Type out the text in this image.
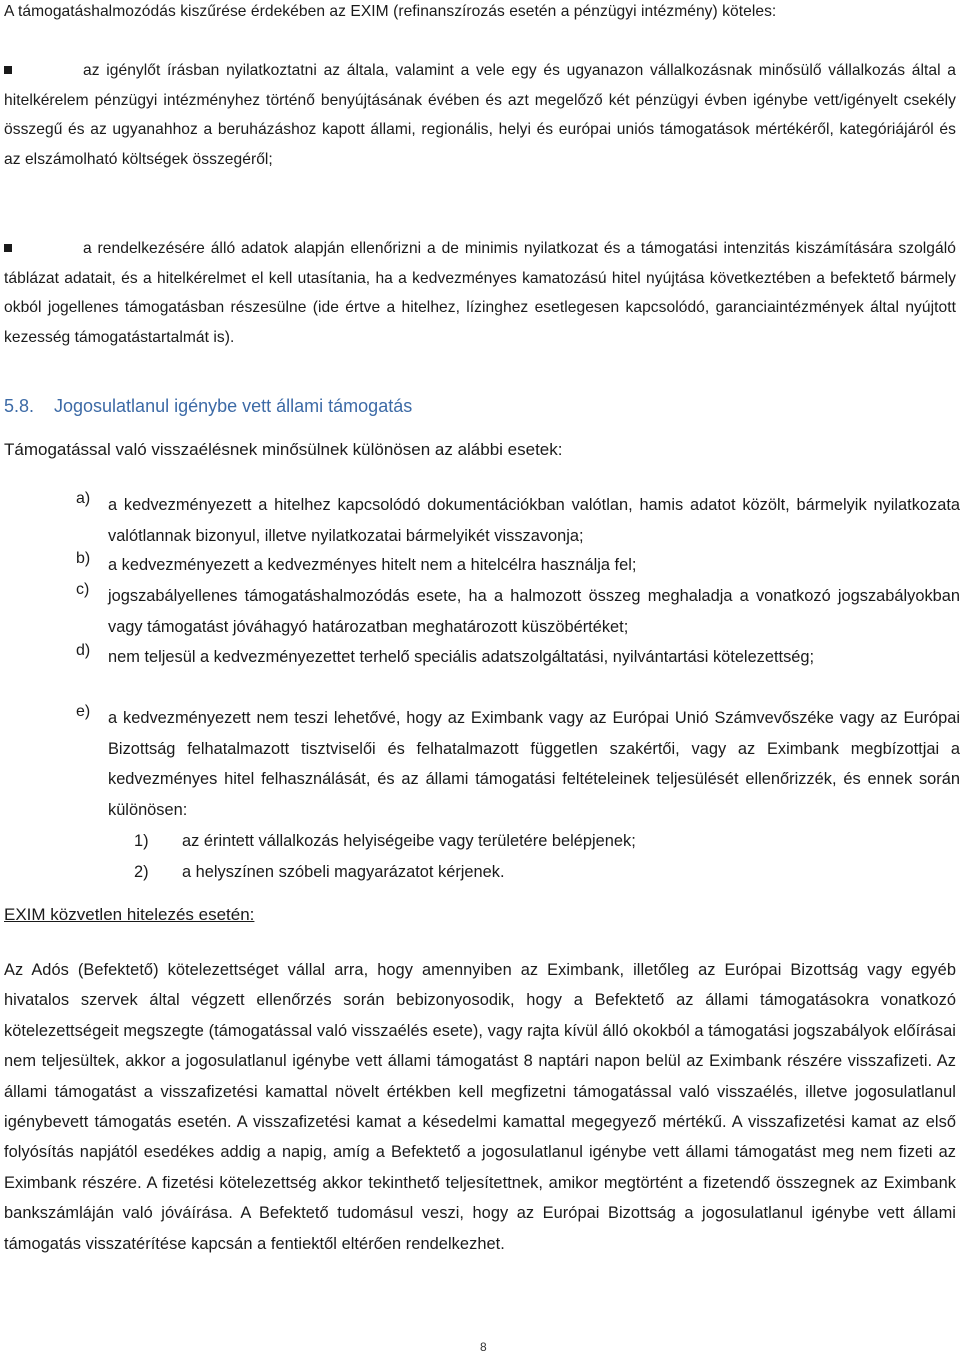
A támogatáshalmozódás kiszűrése érdekében az EXIM (refinanszírozás esetén a pénzügyi intézmény) köteles:

az igénylőt írásban nyilatkoztatni az általa, valamint a vele egy és ugyanazon vállalkozásnak minősülő vállalkozás által a hitelkérelem pénzügyi intézményhez történő benyújtásának évében és azt megelőző két pénzügyi évben igénybe vett/igényelt csekély összegű és az ugyanahhoz a beruházáshoz kapott állami, regionális, helyi és európai uniós támogatások mértékéről, kategóriájáról és az elszámolható költségek összegéről;

a rendelkezésére álló adatok alapján ellenőrizni a de minimis nyilatkozat és a támogatási intenzitás kiszámítására szolgáló táblázat adatait, és a hitelkérelmet el kell utasítania, ha a kedvezményes kamatozású hitel nyújtása következtében a befektető bármely okból jogellenes támogatásban részesülne (ide értve a hitelhez, lízinghez esetlegesen kapcsolódó, garanciaintézmények által nyújtott kezesség támogatástartalmát is).

5.8. Jogosulatlanul igénybe vett állami támogatás

Támogatással való visszaélésnek minősülnek különösen az alábbi esetek:

a) a kedvezményezett a hitelhez kapcsolódó dokumentációkban valótlan, hamis adatot közölt, bármelyik nyilatkozata valótlannak bizonyul, illetve nyilatkozatai bármelyikét visszavonja;
b) a kedvezményezett a kedvezményes hitelt nem a hitelcélra használja fel;
c) jogszabályellenes támogatáshalmozódás esete, ha a halmozott összeg meghaladja a vonatkozó jogszabályokban vagy támogatást jóváhagyó határozatban meghatározott küszöbértéket;
d) nem teljesül a kedvezményezettet terhelő speciális adatszolgáltatási, nyilvántartási kötelezettség;
e) a kedvezményezett nem teszi lehetővé, hogy az Eximbank vagy az Európai Unió Számvevőszéke vagy az Európai Bizottság felhatalmazott tisztviselői és felhatalmazott független szakértői, vagy az Eximbank megbízottjai a kedvezményes hitel felhasználását, és az állami támogatási feltételeinek teljesülését ellenőrizzék, és ennek során különösen:
1) az érintett vállalkozás helyiségeibe vagy területére belépjenek;
2) a helyszínen szóbeli magyarázatot kérjenek.

EXIM közvetlen hitelezés esetén:

Az Adós (Befektető) kötelezettséget vállal arra, hogy amennyiben az Eximbank, illetőleg az Európai Bizottság vagy egyéb hivatalos szervek által végzett ellenőrzés során bebizonyosodik, hogy a Befektető az állami támogatásokra vonatkozó kötelezettségeit megszegte (támogatással való visszaélés esete), vagy rajta kívül álló okokból a támogatási jogszabályok előírásai nem teljesültek, akkor a jogosulatlanul igénybe vett állami támogatást 8 naptári napon belül az Eximbank részére visszafizeti. Az állami támogatást a visszafizetési kamattal növelt értékben kell megfizetni támogatással való visszaélés, illetve jogosulatlanul igénybevett támogatás esetén. A visszafizetési kamat a késedelmi kamattal megegyező mértékű. A visszafizetési kamat az első folyósítás napjától esedékes addig a napig, amíg a Befektető a jogosulatlanul igénybe vett állami támogatást meg nem fizeti az Eximbank részére. A fizetési kötelezettség akkor tekinthető teljesítettnek, amikor megtörtént a fizetendő összegnek az Eximbank bankszámláján való jóváírása. A Befektető tudomásul veszi, hogy az Európai Bizottság a jogosulatlanul igénybe vett állami támogatás visszatérítése kapcsán a fentiektől eltérően rendelkezhet.

8
